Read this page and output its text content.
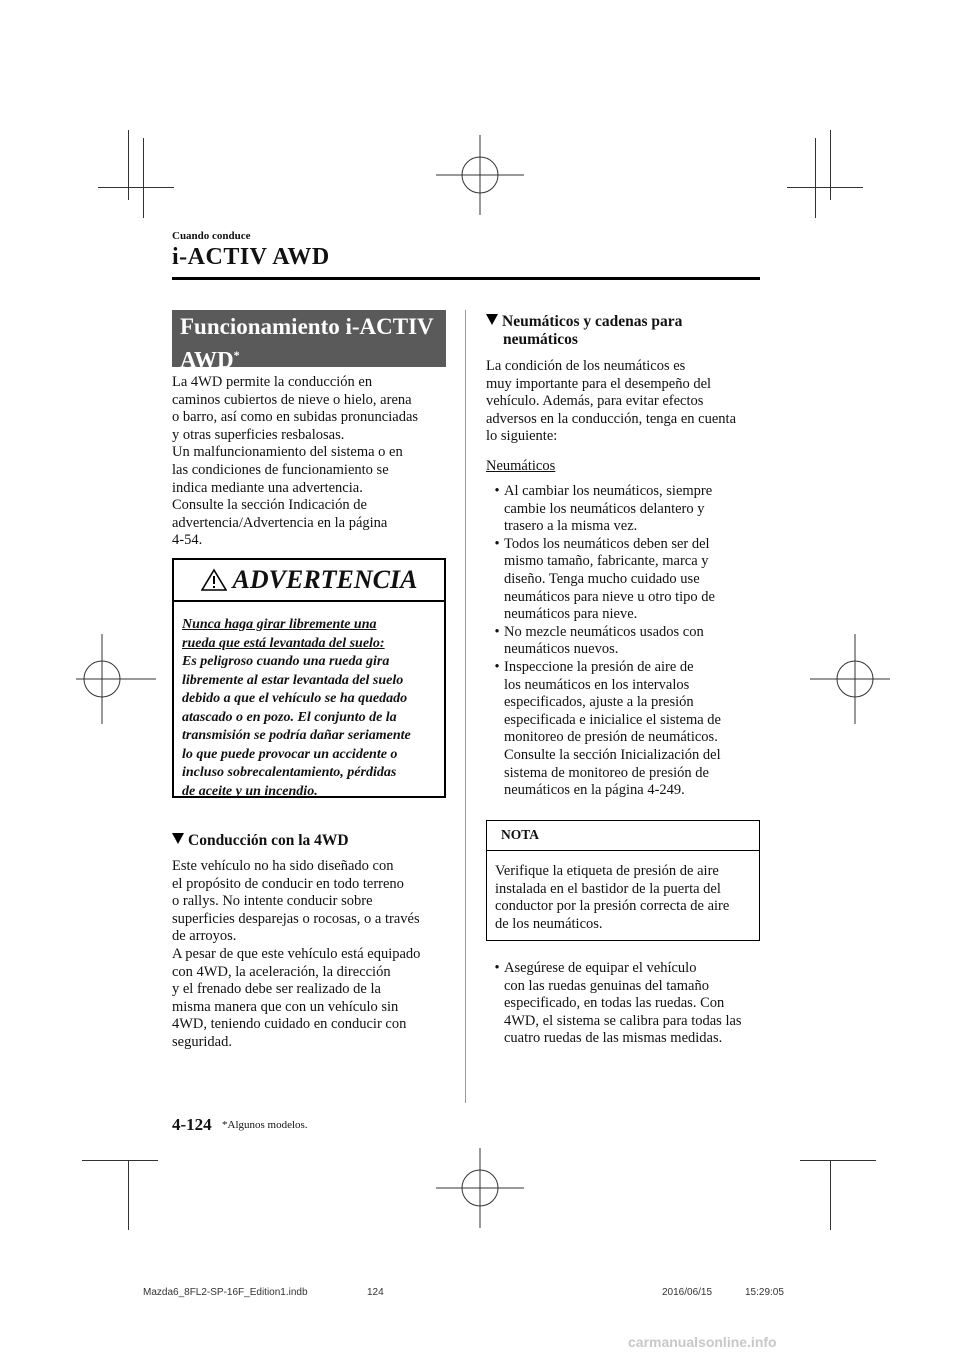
Cuando conduce
i-ACTIV AWD
Funcionamiento i-ACTIV
AWD*
La 4WD permite la conducción en
caminos cubiertos de nieve o hielo, arena
o barro, así como en subidas pronunciadas
y otras superficies resbalosas.
Un malfuncionamiento del sistema o en
las condiciones de funcionamiento se
indica mediante una advertencia.
Consulte la sección Indicación de
advertencia/Advertencia en la página
4-54.
ADVERTENCIA
Nunca haga girar libremente una
rueda que está levantada del suelo:
Es peligroso cuando una rueda gira
libremente al estar levantada del suelo
debido a que el vehículo se ha quedado
atascado o en pozo. El conjunto de la
transmisión se podría dañar seriamente
lo que puede provocar un accidente o
incluso sobrecalentamiento, pérdidas
de aceite y un incendio.
Conducción con la 4WD
Este vehículo no ha sido diseñado con
el propósito de conducir en todo terreno
o rallys. No intente conducir sobre
superficies desparejas o rocosas, o a través
de arroyos.
A pesar de que este vehículo está equipado
con 4WD, la aceleración, la dirección
y el frenado debe ser realizado de la
misma manera que con un vehículo sin
4WD, teniendo cuidado en conducir con
seguridad.
Neumáticos y cadenas para
neumáticos
La condición de los neumáticos es
muy importante para el desempeño del
vehículo. Además, para evitar efectos
adversos en la conducción, tenga en cuenta
lo siguiente:
Neumáticos
• Al cambiar los neumáticos, siempre
cambie los neumáticos delantero y
trasero a la misma vez.
• Todos los neumáticos deben ser del
mismo tamaño, fabricante, marca y
diseño. Tenga mucho cuidado use
neumáticos para nieve u otro tipo de
neumáticos para nieve.
• No mezcle neumáticos usados con
neumáticos nuevos.
• Inspeccione la presión de aire de
los neumáticos en los intervalos
especificados, ajuste a la presión
especificada e inicialice el sistema de
monitoreo de presión de neumáticos.
Consulte la sección Inicialización del
sistema de monitoreo de presión de
neumáticos en la página 4-249.
NOTA
Verifique la etiqueta de presión de aire
instalada en el bastidor de la puerta del
conductor por la presión correcta de aire
de los neumáticos.
• Asegúrese de equipar el vehículo
con las ruedas genuinas del tamaño
especificado, en todas las ruedas. Con
4WD, el sistema se calibra para todas las
cuatro ruedas de las mismas medidas.
4-124 *Algunos modelos.
Mazda6_8FL2-SP-16F_Edition1.indb	124	2016/06/15	15:29:05
carmanualsonline.info
